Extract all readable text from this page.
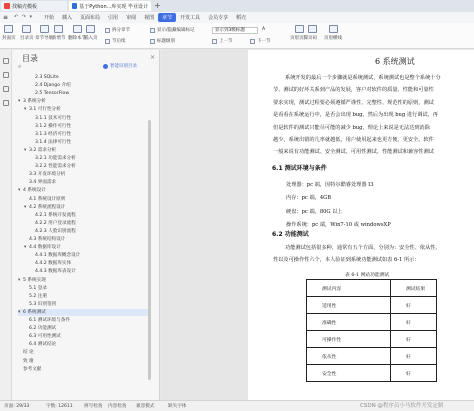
找稿壳模板	基于Python...库实现 毕业设计 +
开始	插入	页面布局	引用	审阅	视图	章节	开发工具	会员专享	稻壳
≡ ↶ ↷ ▾
封面页 目录页 章节导航 新增节 删除本节
插入页	页眉页脚 页码 页眉横线
拆分章节
节后续
显示/隐藏编辑标记
标题级别
显示到3级标题	A
上一节	下一节
目录	×
⌕	智能识别目录
2.3 SQLite
2.4 Django 介绍
2.5 TensorFlow
▾ 3 系统分析
▾ 3.1 可行性分析
3.1.1 技术可行性
3.1.2 操作可行性
3.1.3 经济可行性
3.1.4 法律可行性
▾ 3.2 需求分析
3.2.1 功能需求分析
3.2.2 性能需求分析
3.3 开发环境分析
3.4 界面需求
▾ 4 系统设计
4.1 系统设计原则
▾ 4.2 系统流程设计
4.2.1 系统开发流程
4.2.2 用户登录流程
4.2.3 人脸识别流程
4.3 系统结构设计
▾ 4.4 数据库设计
4.4.1 数据库概念设计
4.4.2 数据库实体
4.4.3 数据库表设计
▾ 5 系统实现
5.1 登录
5.2 注册
5.3 识别签到
▾ 6 系统测试
6.1 测试环境与条件
6.2 功能测试
6.3 可用性测试
6.4 测试结论
结 论
致 谢
参考文献
6 系统测试
系统开发的最后一个步骤就是系统测试，系统测试也是整个系统十分
节，测试的好坏关系到产品的发展，客户对软件的质量、性能和可靠性
要求实现，测试过程要必须遵循严谨性、完整性、规范性的原则，测试
是看看在系统运行中，是否会出现 bug，然后为出现 bug 进行调试，再
但是软件的测试只能尽可能的减少 bug，理论上来说是无法达到消除
越少，系统出错的几率就越低，用户使用起来也更方便、更安全。软件
一般来说有功能测试、安全测试、可用性测试、性能测试和兼容性测试
6.1 测试环境与条件
处理器：pc 端，因特尔酷睿处理器 I3
内存：pc 端，4GB
硬盘：pc 端，80G 以上
操作系统：pc 端，Win7-10 或 windowsXP
6.2 功能测试
功能测试包括很多种，通常有五个方面，分别为：安全性、依从性、
性以及可操作性六个，本人验证到系统功能测试如表 6-1 所示：
表 6-1 网站功能测试
测试内容	测试结果
适用性	好
准确性	好
可操作性	好
依从性	好
安全性	好
页面: 29/33	字数: 12611 拼写检查 内容检查 兼容模式	缺失字体	CSDN @程序员小马软件开发定制
